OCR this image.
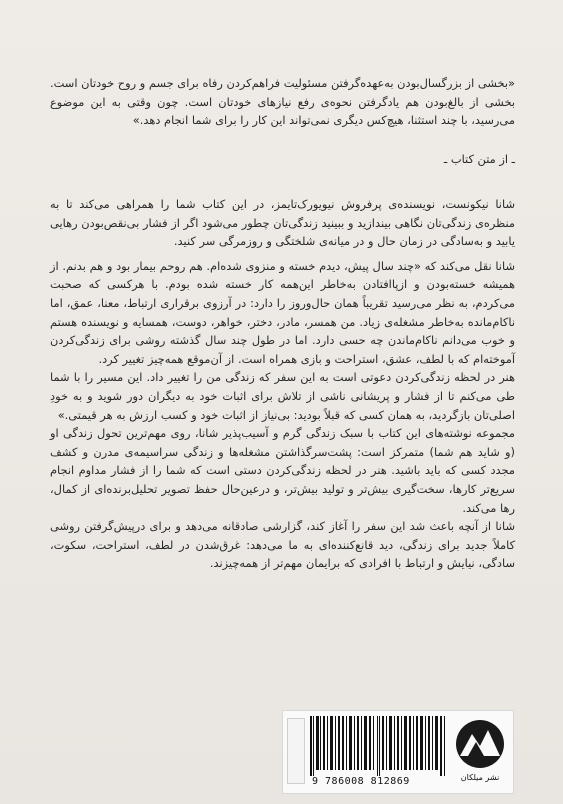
«بخشی از بزرگسال‌بودن به‌عهده‌گرفتن مسئولیت فراهم‌کردن رفاه برای جسم و روح خودتان است. بخشی از بالغ‌بودن هم یادگرفتن نحوه‌ی رفع نیازهای خودتان است. چون وقتی به این موضوع می‌رسید، با چند استثنا، هیچ‌کس دیگری نمی‌تواند این کار را برای شما انجام دهد.»

ـ از متن کتاب ـ

شانا نیکونست، نویسنده‌ی پرفروش نیویورک‌تایمز، در این کتاب شما را همراهی می‌کند تا به منظره‌ی زندگی‌تان نگاهی بیندازید و ببینید زندگی‌تان چطور می‌شود اگر از فشار بی‌نقص‌بودن رهایی یابید و به‌سادگی در زمان حال و در میانه‌ی شلختگی و روزمرگی سر کنید.

شانا نقل می‌کند که «چند سال پیش، دیدم خسته و منزوی شده‌ام. هم روحم بیمار بود و هم بدنم. از همیشه خسته‌بودن و ازپاافتادن به‌خاطر این‌همه کار خسته شده بودم. با هرکسی که صحبت می‌کردم، به نظر می‌رسید تقریباً همان حال‌وروز را دارد: در آرزوی برقراری ارتباط، معنا، عمق، اما ناکام‌مانده به‌خاطر مشغله‌ی زیاد. من همسر، مادر، دختر، خواهر، دوست، همسایه و نویسنده هستم و خوب می‌دانم ناکام‌ماندن چه حسی دارد. اما در طول چند سال گذشته روشی برای زندگی‌کردن آموخته‌ام که با لطف، عشق، استراحت و بازی همراه است. از آن‌موقع همه‌چیز تغییر کرد.

هنر در لحظه زندگی‌کردن دعوتی است به این سفر که زندگی من را تغییر داد. این مسیر را با شما طی می‌کنم تا از فشار و پریشانی ناشی از تلاش برای اثبات خود به دیگران دور شوید و به خودِ اصلی‌تان بازگردید، به همان کسی که قبلاً بودید: بی‌نیاز از اثبات خود و کسب ارزش به هر قیمتی.»

مجموعه نوشته‌های این کتاب با سبک زندگی گرم و آسیب‌پذیر شانا، روی مهم‌ترین تحول زندگی او (و شاید هم شما) متمرکز است: پشت‌سرگذاشتن مشغله‌ها و زندگی سراسیمه‌ی مدرن و کشف مجدد کسی که باید باشید. هنر در لحظه زندگی‌کردن دستی است که شما را از فشار مداوم انجام سریع‌تر کارها، سخت‌گیری بیش‌تر و تولید بیش‌تر، و درعین‌حال حفظ تصویر تحلیل‌برنده‌ای از کمال، رها می‌کند.

شانا از آنچه باعث شد این سفر را آغاز کند، گزارشی صادقانه می‌دهد و برای درپیش‌گرفتن روشی کاملاً جدید برای زندگی، دید قانع‌کننده‌ای به ما می‌دهد: غرق‌شدن در لطف، استراحت، سکوت، سادگی، نیایش و ارتباط با افرادی که برایمان مهم‌تر از همه‌چیزند.

9 786008 812869	نشر میلکان
